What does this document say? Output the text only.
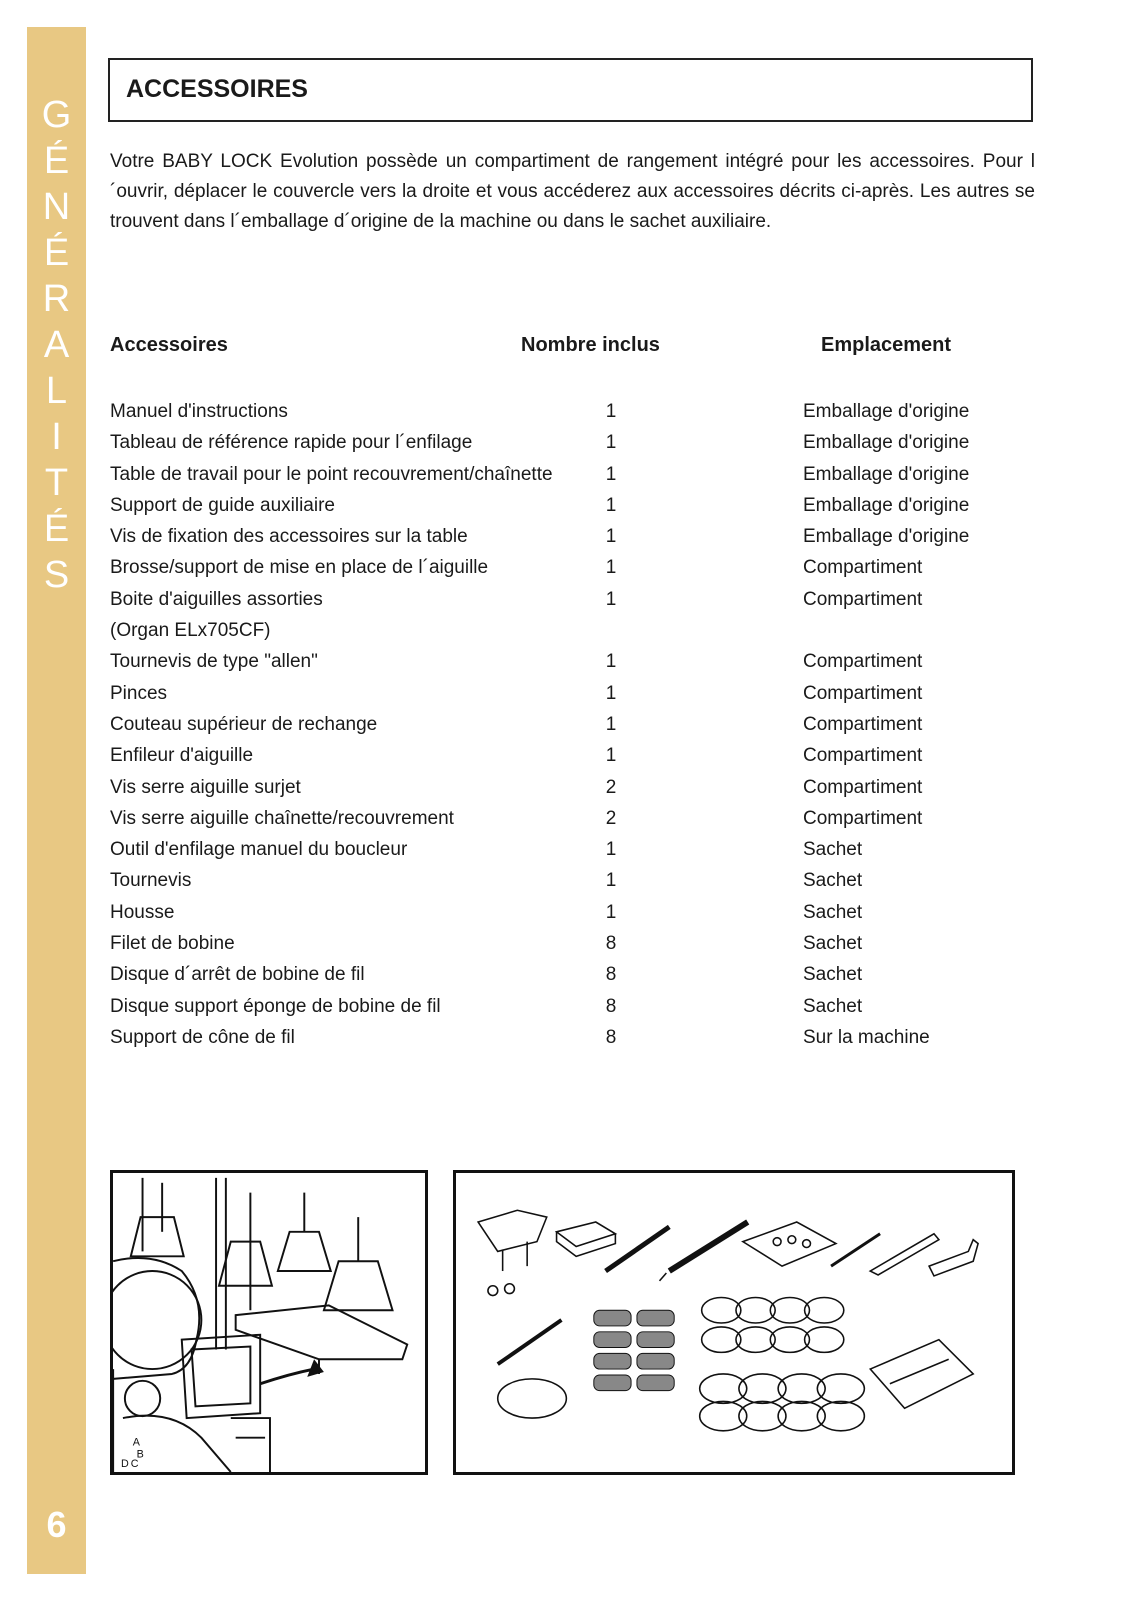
G
É
N
É
R
A
L
I
T
É
S
6
ACCESSOIRES

Votre BABY LOCK Evolution possède un compartiment de rangement intégré pour les accessoires. Pour l´ouvrir, déplacer le couvercle vers la droite et vous accéderez aux accessoires décrits ci-après. Les autres se trouvent dans l´emballage d´origine de la machine ou dans le sachet auxiliaire.

Accessoires	Nombre inclus	Emplacement
Manuel d'instructions	1	Emballage d'origine
Tableau de référence rapide pour l´enfilage	1	Emballage d'origine
Table de travail pour le point recouvrement/chaînette	1	Emballage d'origine
Support de guide auxiliaire	1	Emballage d'origine
Vis de fixation des accessoires sur la table	1	Emballage d'origine
Brosse/support de mise en place de l´aiguille	1	Compartiment
Boite d'aiguilles assorties	1	Compartiment
(Organ ELx705CF)
Tournevis de type "allen"	1	Compartiment
Pinces	1	Compartiment
Couteau supérieur de rechange	1	Compartiment
Enfileur d'aiguille	1	Compartiment
Vis serre aiguille surjet	2	Compartiment
Vis serre aiguille chaînette/recouvrement	2	Compartiment
Outil d'enfilage manuel du boucleur	1	Sachet
Tournevis	1	Sachet
Housse	1	Sachet
Filet de bobine	8	Sachet
Disque d´arrêt de bobine de fil	8	Sachet
Disque support éponge de bobine de fil	8	Sachet
Support de cône de fil	8	Sur la machine
A
B
C
D
